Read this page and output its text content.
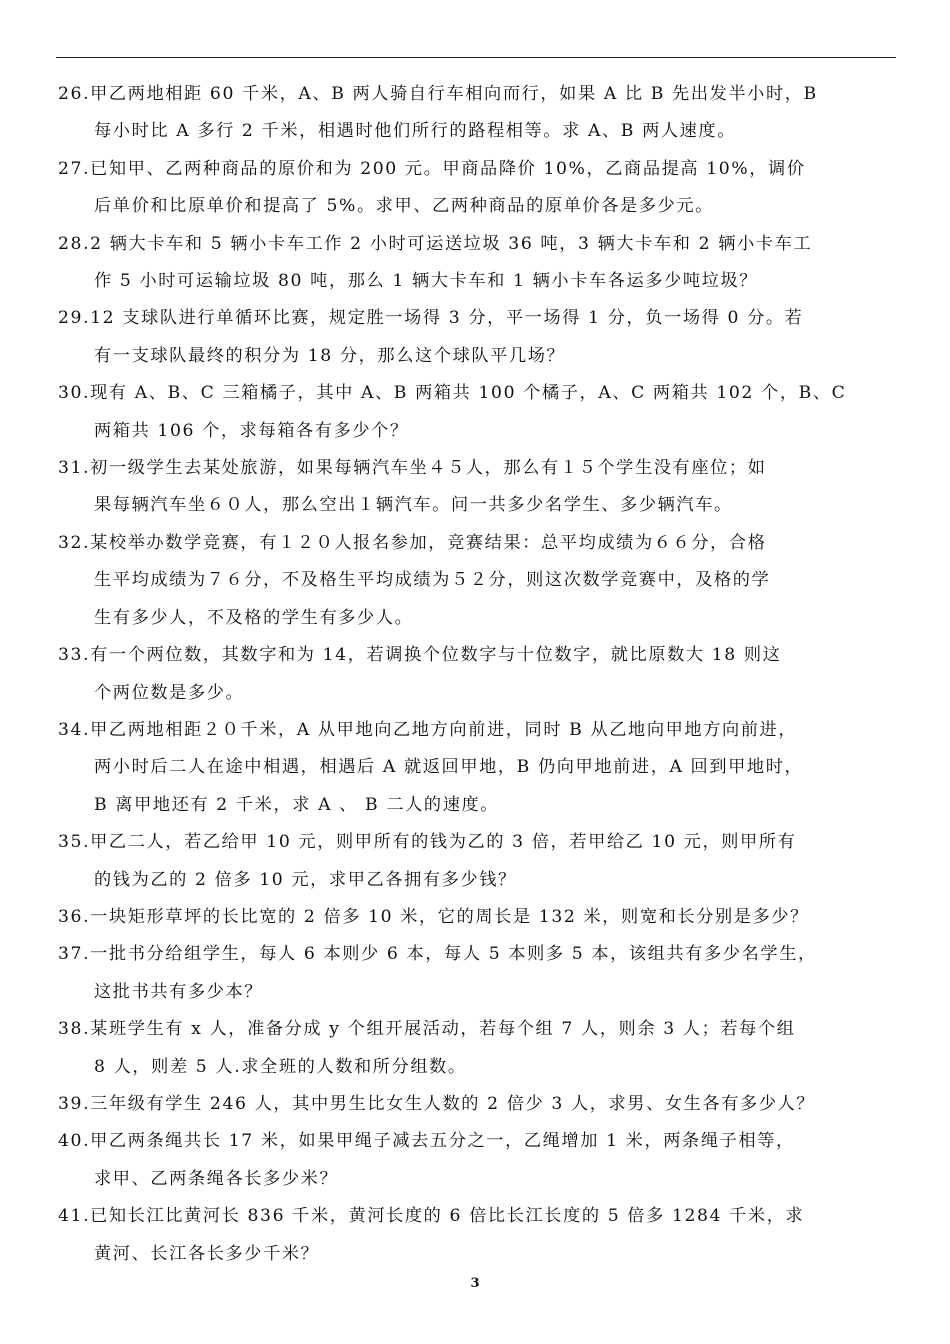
26.甲乙两地相距 60 千米，A、B 两人骑自行车相向而行，如果 A 比 B 先出发半小时，B
每小时比 A 多行 2 千米，相遇时他们所行的路程相等。求 A、B 两人速度。
27.已知甲、乙两种商品的原价和为 200 元。甲商品降价 10%，乙商品提高 10%，调价
后单价和比原单价和提高了 5%。求甲、乙两种商品的原单价各是多少元。
28.2 辆大卡车和 5 辆小卡车工作 2 小时可运送垃圾 36 吨，3 辆大卡车和 2 辆小卡车工
作 5 小时可运输垃圾 80 吨，那么 1 辆大卡车和 1 辆小卡车各运多少吨垃圾？
29.12 支球队进行单循环比赛，规定胜一场得 3 分，平一场得 1 分，负一场得 0 分。若
有一支球队最终的积分为 18 分，那么这个球队平几场？
30.现有 A、B、C 三箱橘子，其中 A、B 两箱共 100 个橘子，A、C 两箱共 102 个，B、C
两箱共 106 个，求每箱各有多少个？
31.初一级学生去某处旅游，如果每辆汽车坐４５人，那么有１５个学生没有座位；如
果每辆汽车坐６０人，那么空出１辆汽车。问一共多少名学生、多少辆汽车。
32.某校举办数学竞赛，有１２０人报名参加，竞赛结果：总平均成绩为６６分，合格
生平均成绩为７６分，不及格生平均成绩为５２分，则这次数学竞赛中，及格的学
生有多少人，不及格的学生有多少人。
33.有一个两位数，其数字和为 14，若调换个位数字与十位数字，就比原数大 18 则这
个两位数是多少。
34.甲乙两地相距２０千米，A 从甲地向乙地方向前进，同时 B 从乙地向甲地方向前进，
两小时后二人在途中相遇，相遇后 A 就返回甲地，B 仍向甲地前进，A 回到甲地时，
B 离甲地还有 2 千米，求 A 、 B 二人的速度。
35.甲乙二人，若乙给甲 10 元，则甲所有的钱为乙的 3 倍，若甲给乙 10 元，则甲所有
的钱为乙的 2 倍多 10 元，求甲乙各拥有多少钱？
36.一块矩形草坪的长比宽的 2 倍多 10 米，它的周长是 132 米，则宽和长分别是多少？
37.一批书分给组学生，每人 6 本则少 6 本，每人 5 本则多 5 本，该组共有多少名学生，
这批书共有多少本？
38.某班学生有 x 人，准备分成 y 个组开展活动，若每个组 7 人，则余 3 人；若每个组
8 人，则差 5 人.求全班的人数和所分组数。
39.三年级有学生 246 人，其中男生比女生人数的 2 倍少 3 人，求男、女生各有多少人？
40.甲乙两条绳共长 17 米，如果甲绳子减去五分之一，乙绳增加 1 米，两条绳子相等，
求甲、乙两条绳各长多少米？
41.已知长江比黄河长 836 千米，黄河长度的 6 倍比长江长度的 5 倍多 1284 千米，求
黄河、长江各长多少千米？
3
